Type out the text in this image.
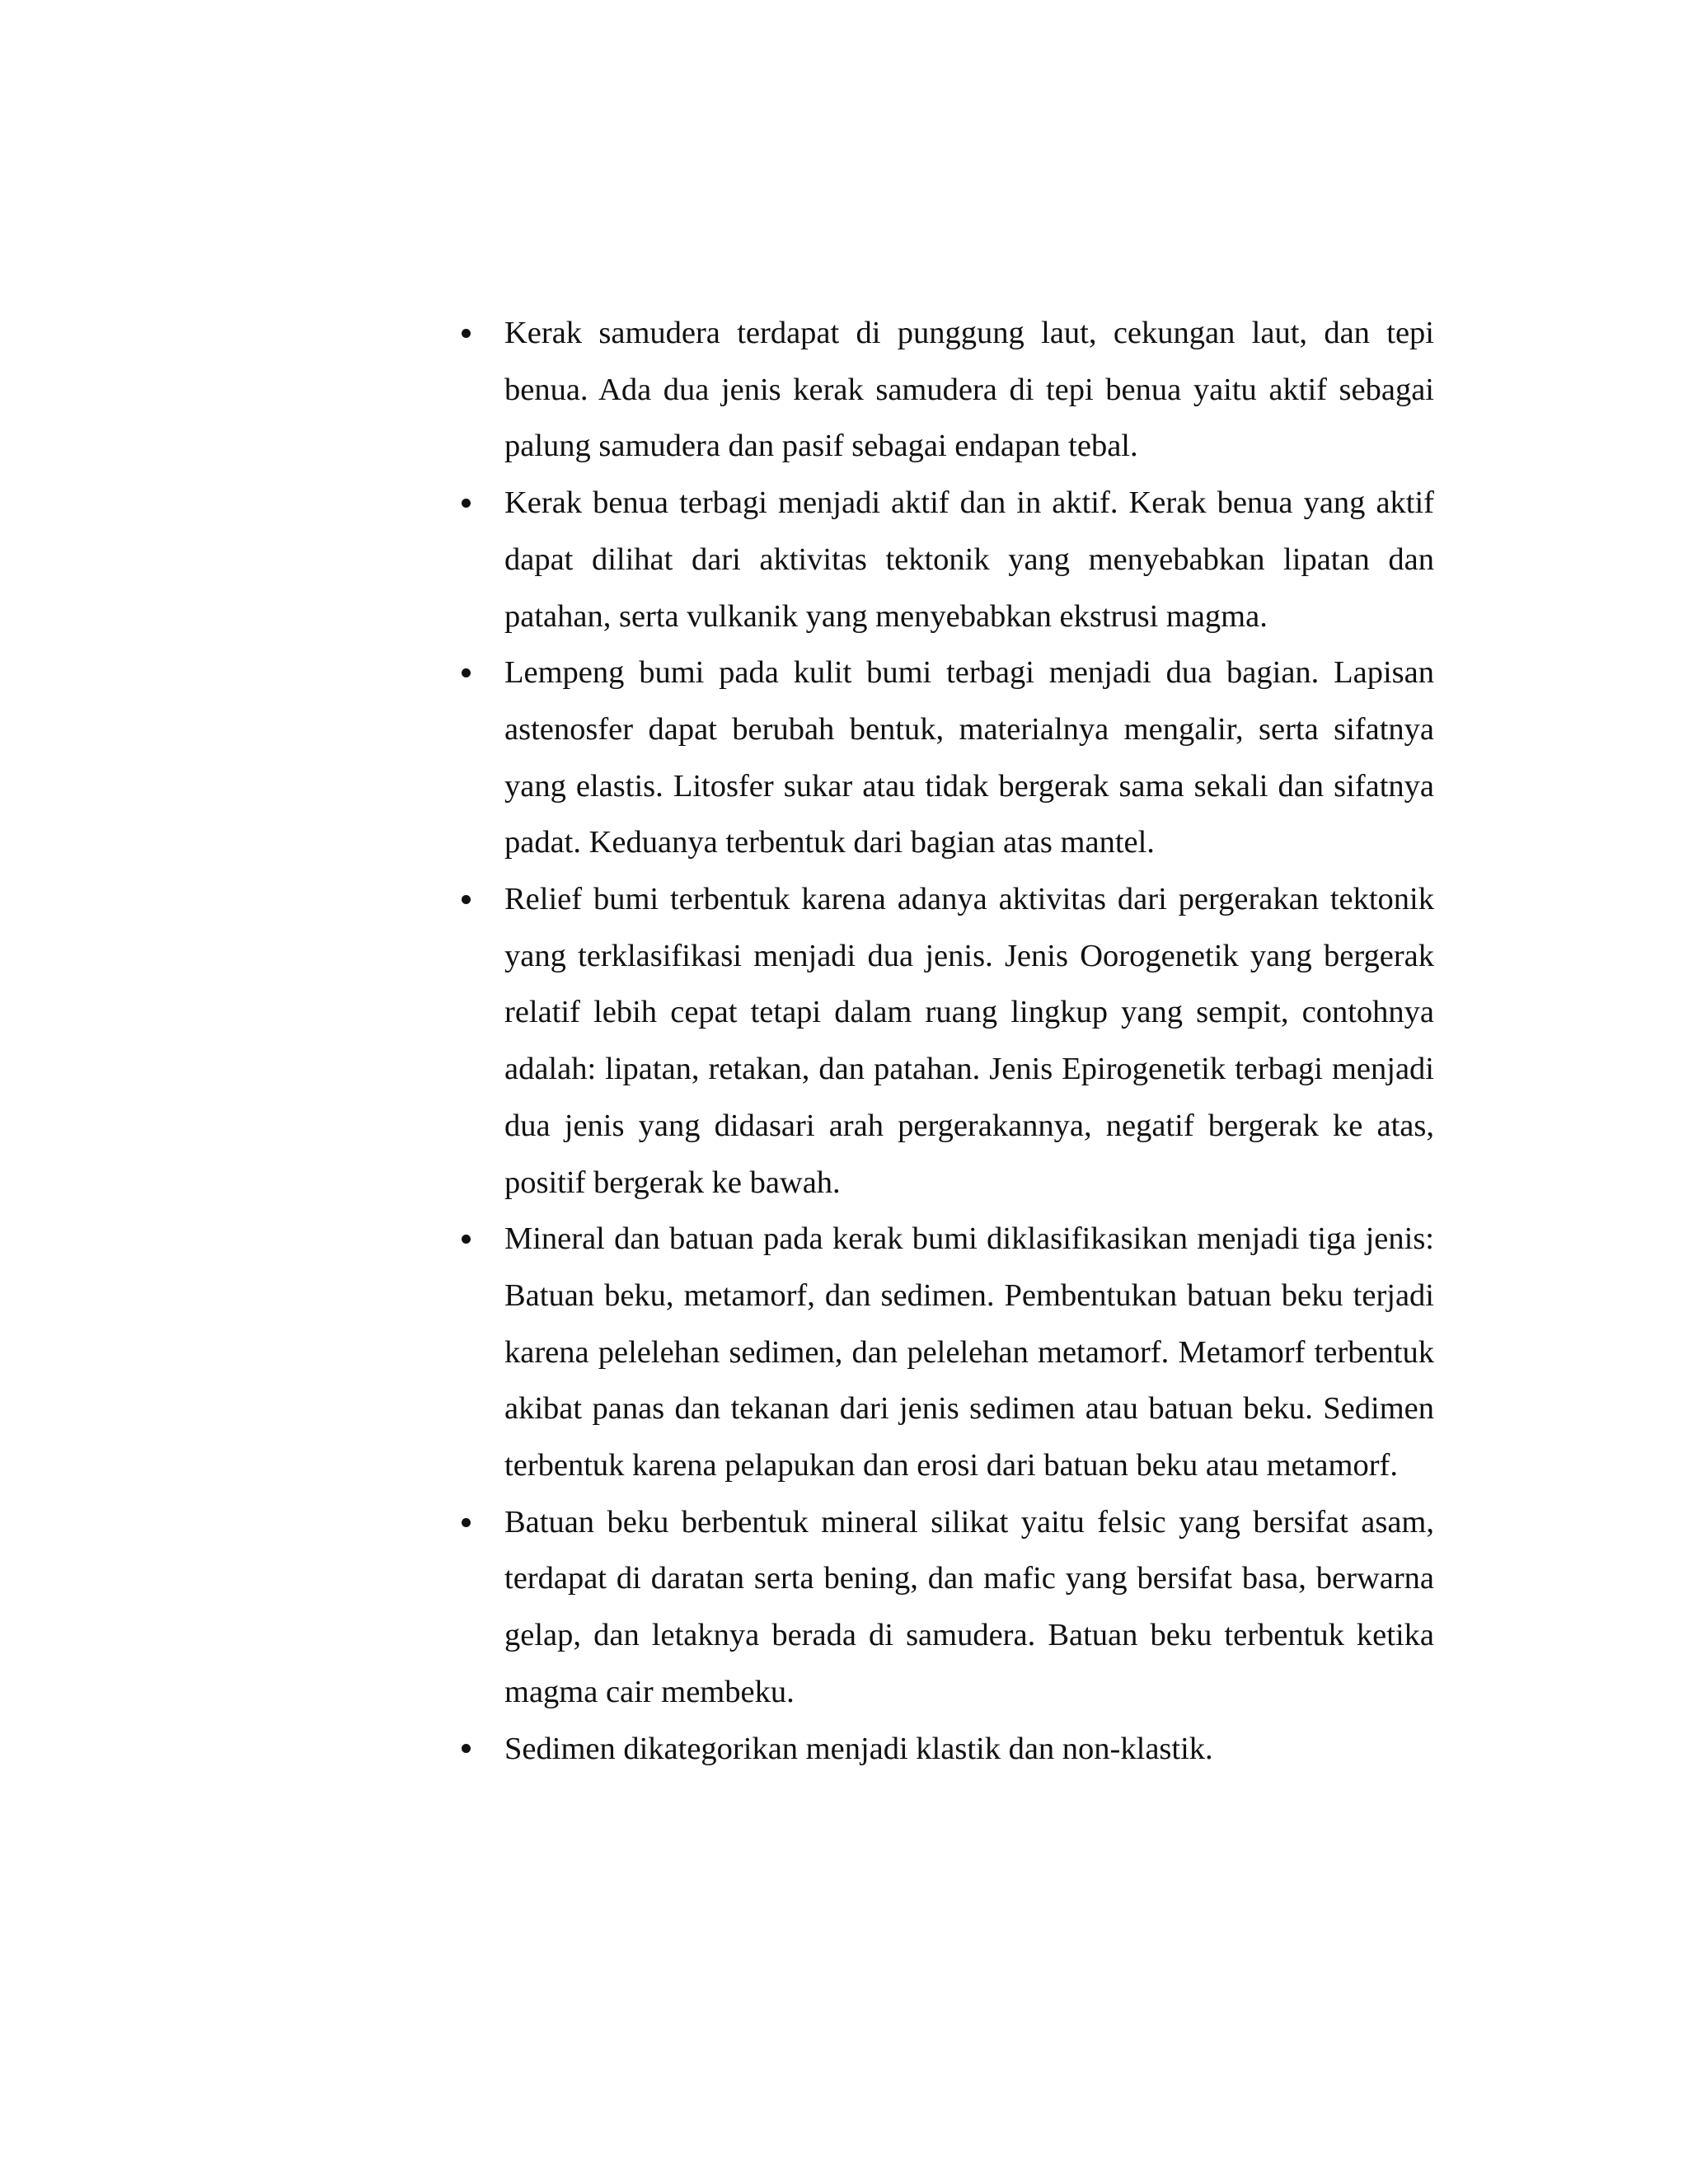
Kerak samudera terdapat di punggung laut, cekungan laut, dan tepi benua. Ada dua jenis kerak samudera di tepi benua yaitu aktif sebagai palung samudera dan pasif sebagai endapan tebal.
Kerak benua terbagi menjadi aktif dan in aktif. Kerak benua yang aktif dapat dilihat dari aktivitas tektonik yang menyebabkan lipatan dan patahan, serta vulkanik yang menyebabkan ekstrusi magma.
Lempeng bumi pada kulit bumi terbagi menjadi dua bagian. Lapisan astenosfer dapat berubah bentuk, materialnya mengalir, serta sifatnya yang elastis. Litosfer sukar atau tidak bergerak sama sekali dan sifatnya padat. Keduanya terbentuk dari bagian atas mantel.
Relief bumi terbentuk karena adanya aktivitas dari pergerakan tektonik yang terklasifikasi menjadi dua jenis. Jenis Oorogenetik yang bergerak relatif lebih cepat tetapi dalam ruang lingkup yang sempit, contohnya adalah: lipatan, retakan, dan patahan. Jenis Epirogenetik terbagi menjadi dua jenis yang didasari arah pergerakannya, negatif bergerak ke atas, positif bergerak ke bawah.
Mineral dan batuan pada kerak bumi diklasifikasikan menjadi tiga jenis: Batuan beku, metamorf, dan sedimen. Pembentukan batuan beku terjadi karena pelelehan sedimen, dan pelelehan metamorf. Metamorf terbentuk akibat panas dan tekanan dari jenis sedimen atau batuan beku. Sedimen terbentuk karena pelapukan dan erosi dari batuan beku atau metamorf.
Batuan beku berbentuk mineral silikat yaitu felsic yang bersifat asam, terdapat di daratan serta bening, dan mafic yang bersifat basa, berwarna gelap, dan letaknya berada di samudera. Batuan beku terbentuk ketika magma cair membeku.
Sedimen dikategorikan menjadi klastik dan non-klastik.
